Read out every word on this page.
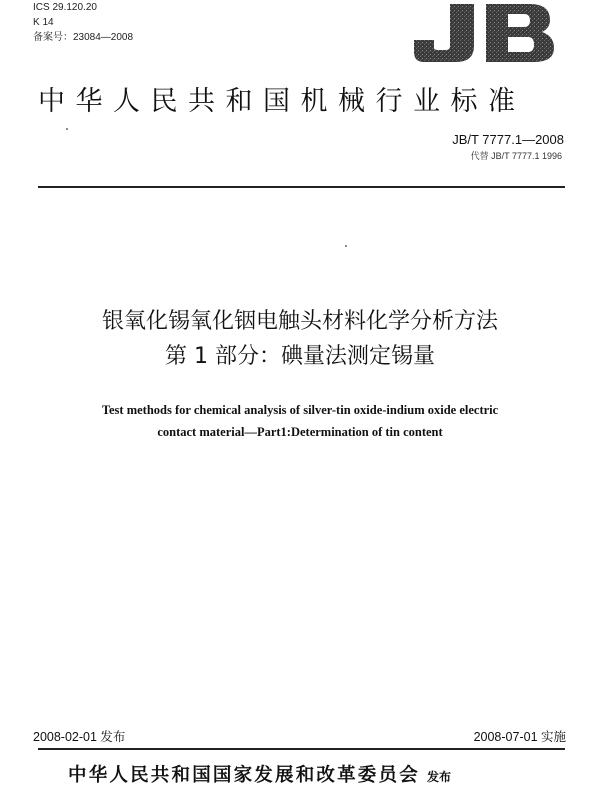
ICS 29.120.20
K 14
备案号：23084—2008
中华人民共和国机械行业标准
JB/T 7777.1—2008
代替 JB/T 7777.1 1996
银氧化锡氧化铟电触头材料化学分析方法
第 1 部分：碘量法测定锡量
Test methods for chemical analysis of silver-tin oxide-indium oxide electric
contact material—Part1:Determination of tin content
2008-02-01 发布	2008-07-01 实施
中华人民共和国国家发展和改革委员会 发布
